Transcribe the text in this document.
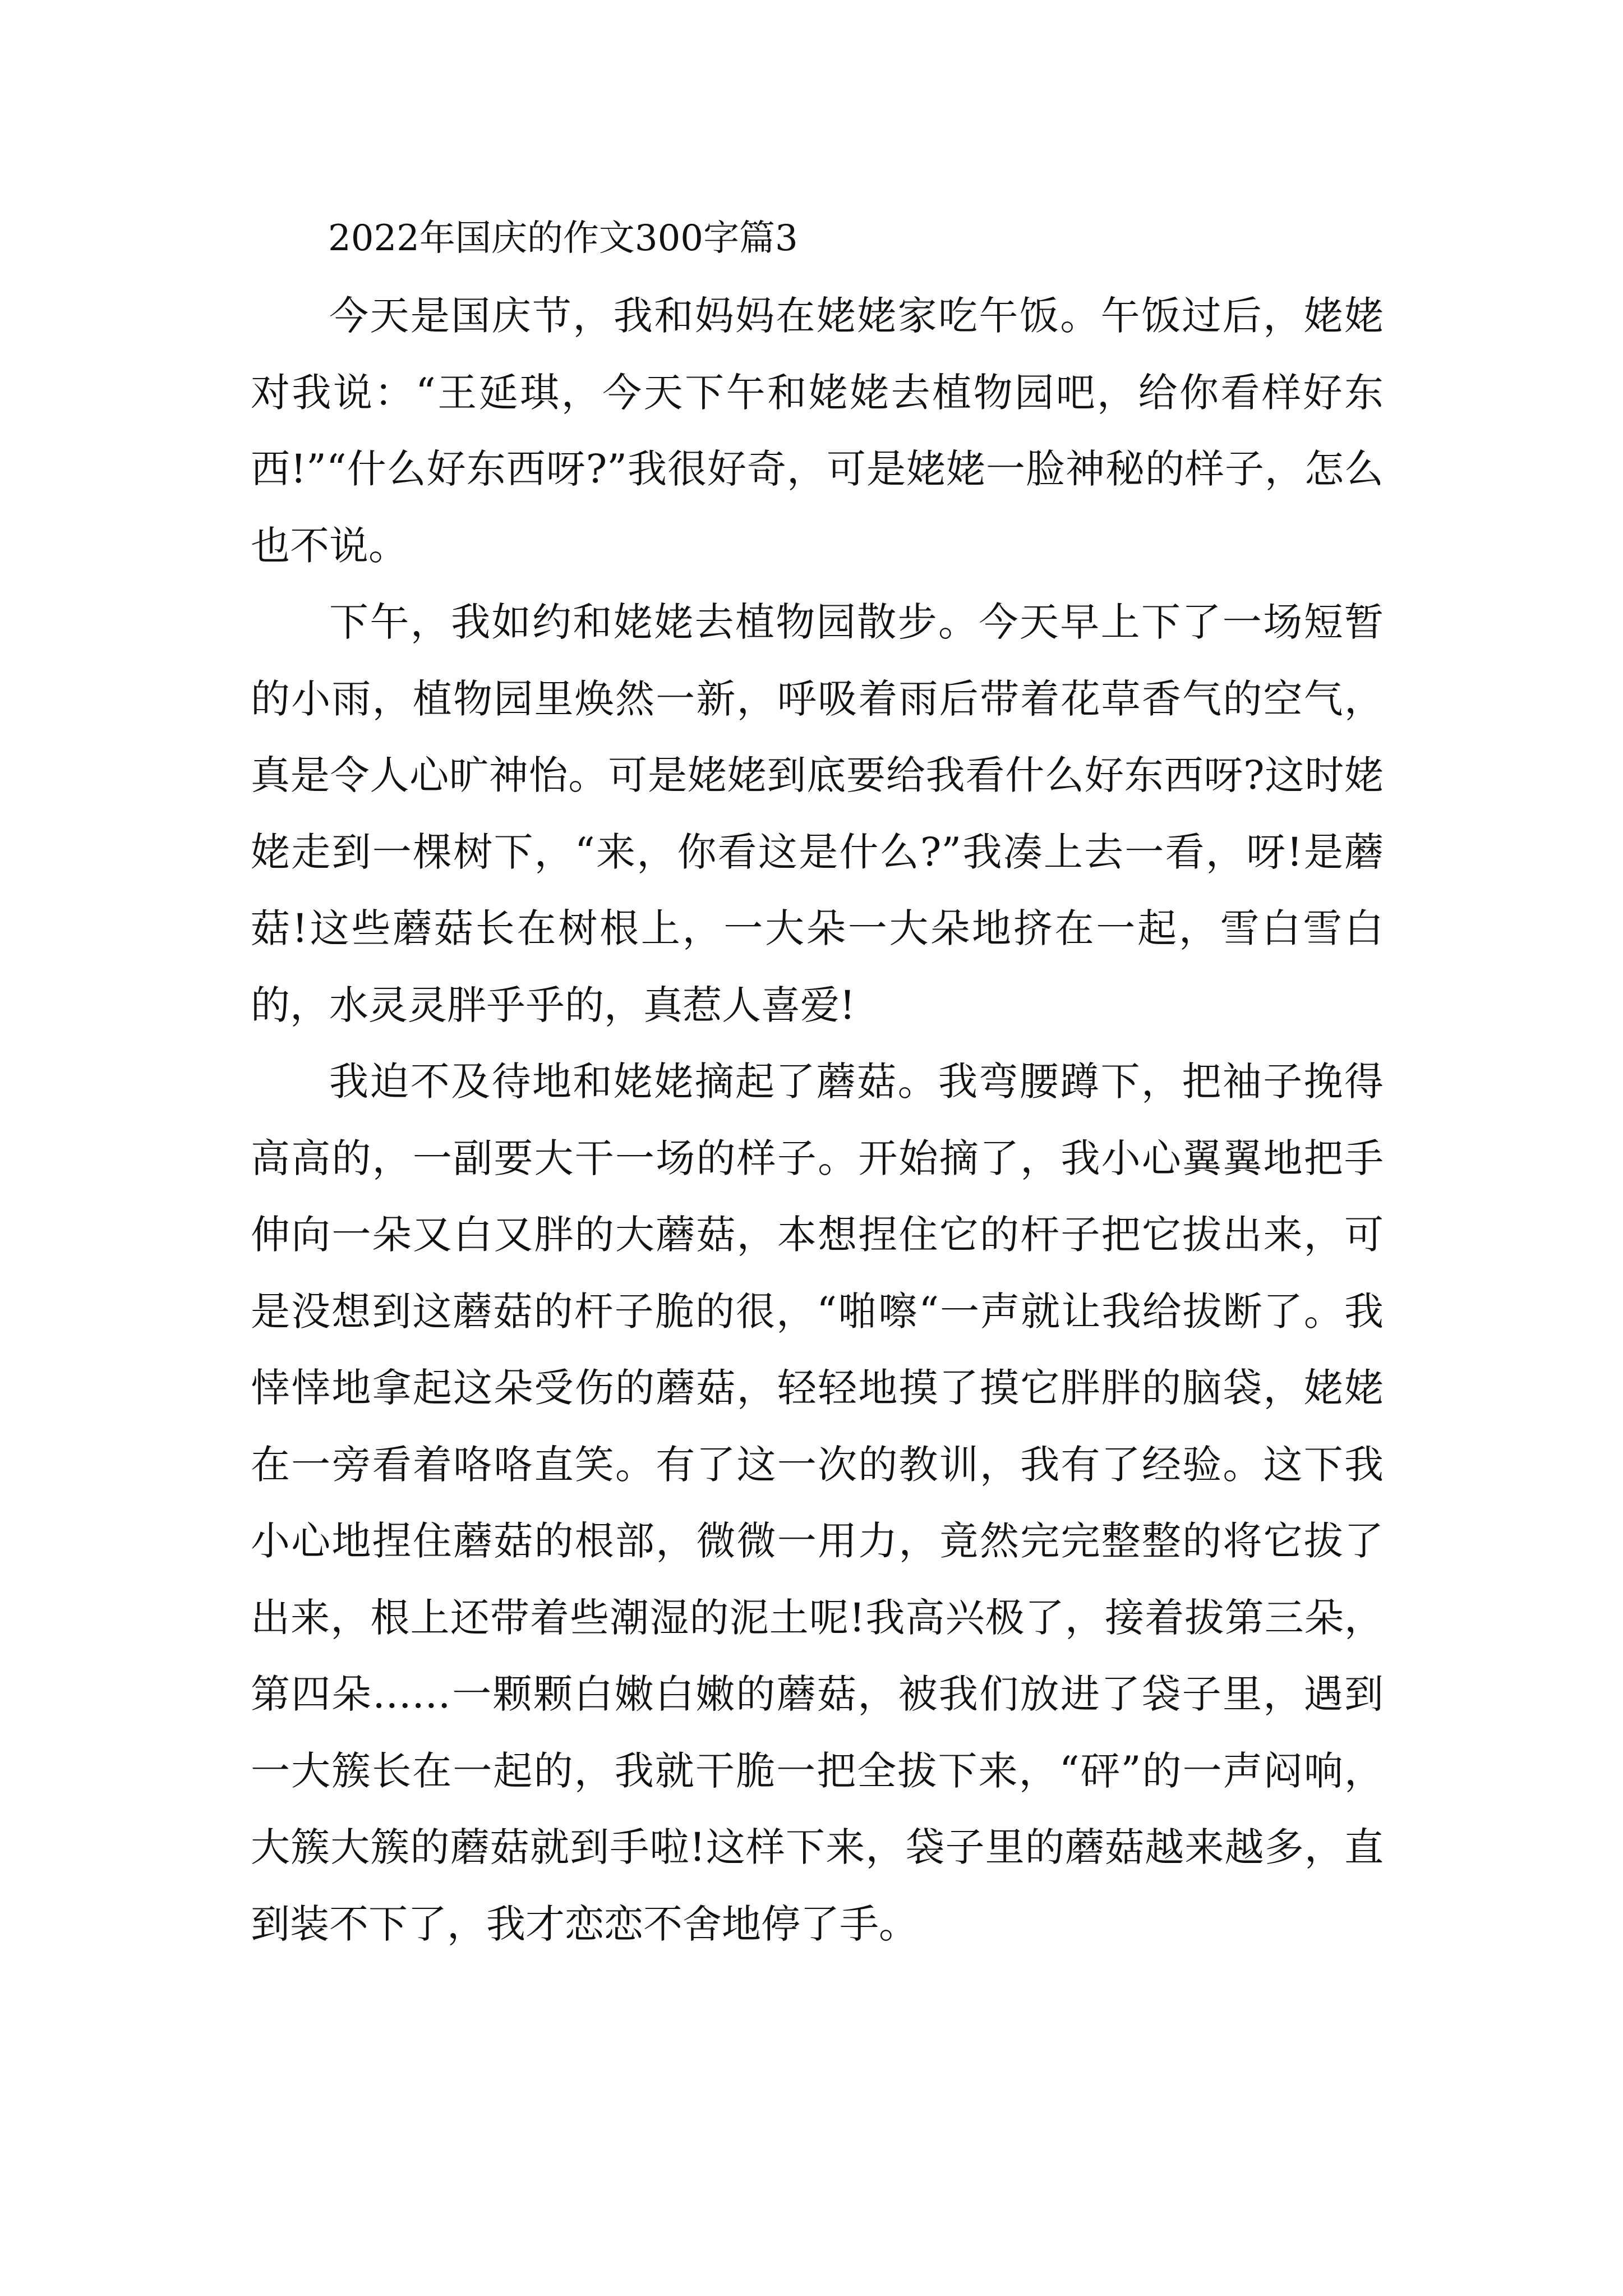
2022年国庆的作文300字篇3

今天是国庆节，我和妈妈在姥姥家吃午饭。午饭过后，姥姥对我说：“王延琪，今天下午和姥姥去植物园吧，给你看样好东西!”“什么好东西呀?”我很好奇，可是姥姥一脸神秘的样子，怎么也不说。

下午，我如约和姥姥去植物园散步。今天早上下了一场短暂的小雨，植物园里焕然一新，呼吸着雨后带着花草香气的空气，真是令人心旷神怡。可是姥姥到底要给我看什么好东西呀?这时姥姥走到一棵树下，“来，你看这是什么?”我凑上去一看，呀!是蘑菇!这些蘑菇长在树根上，一大朵一大朵地挤在一起，雪白雪白的，水灵灵胖乎乎的，真惹人喜爱!

我迫不及待地和姥姥摘起了蘑菇。我弯腰蹲下，把袖子挽得高高的，一副要大干一场的样子。开始摘了，我小心翼翼地把手伸向一朵又白又胖的大蘑菇，本想捏住它的杆子把它拔出来，可是没想到这蘑菇的杆子脆的很，“啪嚓“一声就让我给拔断了。我悻悻地拿起这朵受伤的蘑菇，轻轻地摸了摸它胖胖的脑袋，姥姥在一旁看着咯咯直笑。有了这一次的教训，我有了经验。这下我小心地捏住蘑菇的根部，微微一用力，竟然完完整整的将它拔了出来，根上还带着些潮湿的泥土呢!我高兴极了，接着拔第三朵，第四朵……一颗颗白嫩白嫩的蘑菇，被我们放进了袋子里，遇到一大簇长在一起的，我就干脆一把全拔下来，“砰”的一声闷响，大簇大簇的蘑菇就到手啦!这样下来，袋子里的蘑菇越来越多，直到装不下了，我才恋恋不舍地停了手。
